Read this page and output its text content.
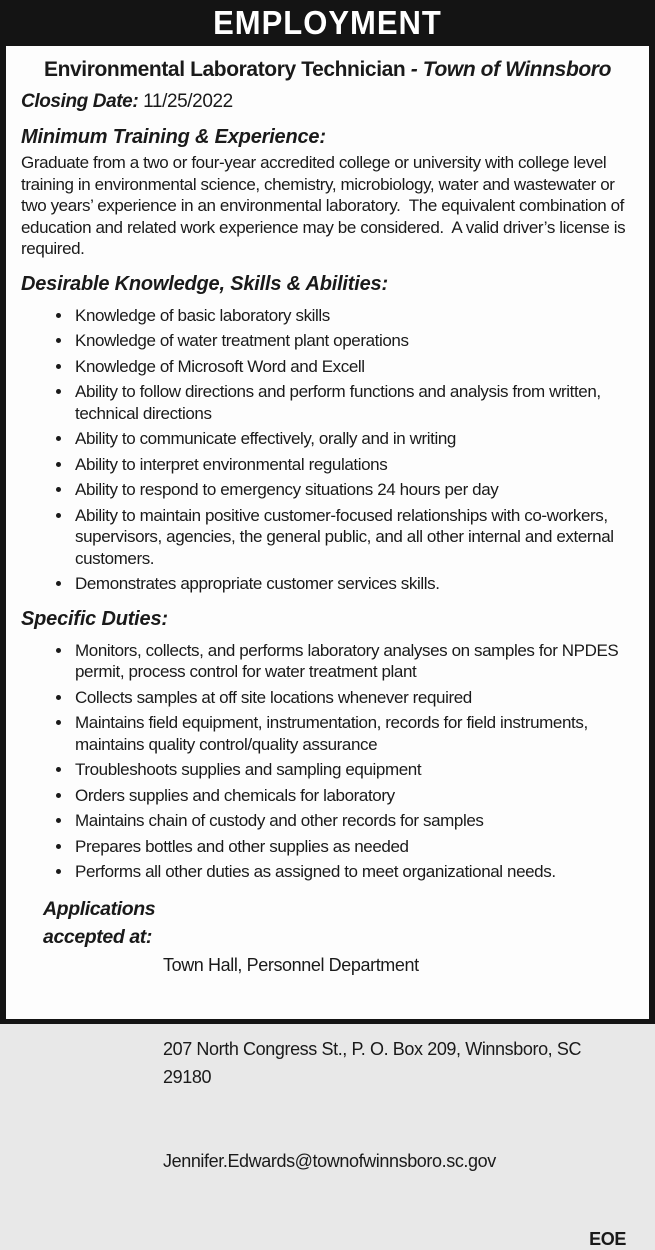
EMPLOYMENT
Environmental Laboratory Technician - Town of Winnsboro
Closing Date: 11/25/2022
Minimum Training & Experience:
Graduate from a two or four-year accredited college or university with college level training in environmental science, chemistry, microbiology, water and wastewater or two years’ experience in an environmental laboratory.  The equivalent combination of education and related work experience may be considered.  A valid driver’s license is required.
Desirable Knowledge, Skills & Abilities:
• Knowledge of basic laboratory skills
• Knowledge of water treatment plant operations
• Knowledge of Microsoft Word and Excell
• Ability to follow directions and perform functions and analysis from written, technical directions
• Ability to communicate effectively, orally and in writing
• Ability to interpret environmental regulations
• Ability to respond to emergency situations 24 hours per day
• Ability to maintain positive customer-focused relationships with co-workers, supervisors, agencies, the general public, and all other internal and external customers.
• Demonstrates appropriate customer services skills.
Specific Duties:
• Monitors, collects, and performs laboratory analyses on samples for NPDES permit, process control for water treatment plant
• Collects samples at off site locations whenever required
• Maintains field equipment, instrumentation, records for field instruments, maintains quality control/quality assurance
• Troubleshoots supplies and sampling equipment
• Orders supplies and chemicals for laboratory
• Maintains chain of custody and other records for samples
• Prepares bottles and other supplies as needed
• Performs all other duties as assigned to meet organizational needs.
Applications
accepted at:

Town Hall, Personnel Department

207 North Congress St., P. O. Box 209, Winnsboro, SC  29180

Jennifer.Edwards@townofwinnsboro.sc.gov

EOE
